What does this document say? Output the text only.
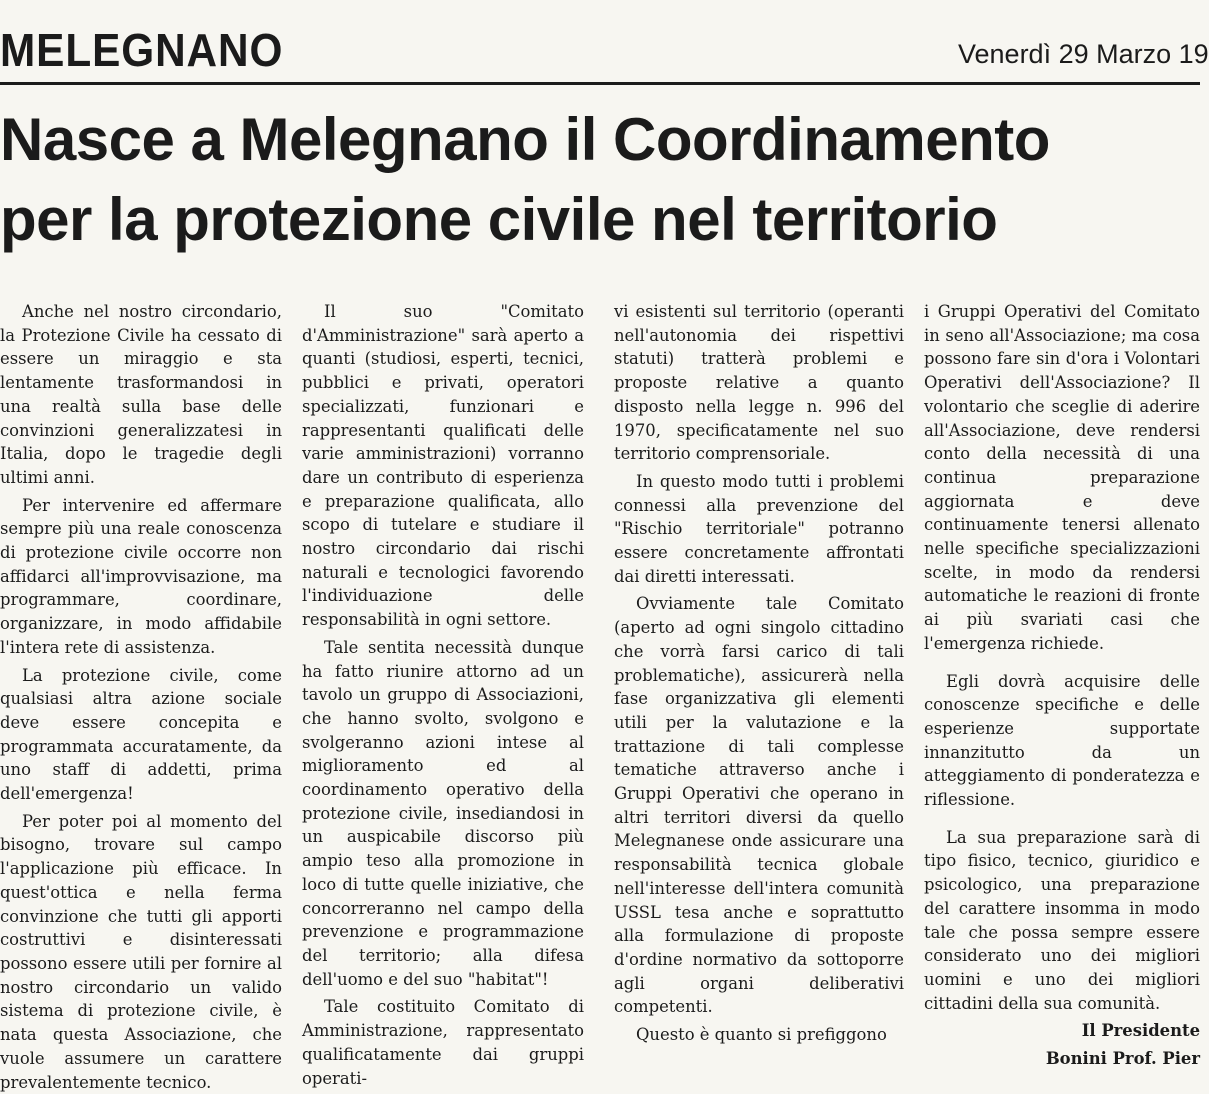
MELEGNANO	Venerdì 29 Marzo 19
Nasce a Melegnano il Coordinamento
per la protezione civile nel territorio

Anche nel nostro circondario, la Protezione Civile ha cessato di essere un miraggio e sta lentamente trasformandosi in una realtà sulla base delle convinzioni generalizzatesi in Italia, dopo le tragedie degli ultimi anni.

Per intervenire ed affermare sempre più una reale conoscenza di protezione civile occorre non affidarci all'improvvisazione, ma programmare, coordinare, organizzare, in modo affidabile l'intera rete di assistenza.

La protezione civile, come qualsiasi altra azione sociale deve essere concepita e programmata accuratamente, da uno staff di addetti, prima dell'emergenza!

Per poter poi al momento del bisogno, trovare sul campo l'applicazione più efficace. In quest'ottica e nella ferma convinzione che tutti gli apporti costruttivi e disinteressati possono essere utili per fornire al nostro circondario un valido sistema di protezione civile, è nata questa Associazione, che vuole assumere un carattere prevalentemente tecnico.

Il suo "Comitato d'Amministrazione" sarà aperto a quanti (studiosi, esperti, tecnici, pubblici e privati, operatori specializzati, funzionari e rappresentanti qualificati delle varie amministrazioni) vorranno dare un contributo di esperienza e preparazione qualificata, allo scopo di tutelare e studiare il nostro circondario dai rischi naturali e tecnologici favorendo l'individuazione delle responsabilità in ogni settore.

Tale sentita necessità dunque ha fatto riunire attorno ad un tavolo un gruppo di Associazioni, che hanno svolto, svolgono e svolgeranno azioni intese al miglioramento ed al coordinamento operativo della protezione civile, insediandosi in un auspicabile discorso più ampio teso alla promozione in loco di tutte quelle iniziative, che concorreranno nel campo della prevenzione e programmazione del territorio; alla difesa dell'uomo e del suo "habitat"!

Tale costituito Comitato di Amministrazione, rappresentato qualificatamente dai gruppi operati-

vi esistenti sul territorio (operanti nell'autonomia dei rispettivi statuti) tratterà problemi e proposte relative a quanto disposto nella legge n. 996 del 1970, specificatamente nel suo territorio comprensoriale.

In questo modo tutti i problemi connessi alla prevenzione del "Rischio territoriale" potranno essere concretamente affrontati dai diretti interessati.

Ovviamente tale Comitato (aperto ad ogni singolo cittadino che vorrà farsi carico di tali problematiche), assicurerà nella fase organizzativa gli elementi utili per la valutazione e la trattazione di tali complesse tematiche attraverso anche i Gruppi Operativi che operano in altri territori diversi da quello Melegnanese onde assicurare una responsabilità tecnica globale nell'interesse dell'intera comunità USSL tesa anche e soprattutto alla formulazione di proposte d'ordine normativo da sottoporre agli organi deliberativi competenti.

Questo è quanto si prefiggono

i Gruppi Operativi del Comitato in seno all'Associazione; ma cosa possono fare sin d'ora i Volontari Operativi dell'Associazione? Il volontario che sceglie di aderire all'Associazione, deve rendersi conto della necessità di una continua preparazione aggiornata e deve continuamente tenersi allenato nelle specifiche specializzazioni scelte, in modo da rendersi automatiche le reazioni di fronte ai più svariati casi che l'emergenza richiede.

Egli dovrà acquisire delle conoscenze specifiche e delle esperienze supportate innanzitutto da un atteggiamento di ponderatezza e riflessione.

La sua preparazione sarà di tipo fisico, tecnico, giuridico e psicologico, una preparazione del carattere insomma in modo tale che possa sempre essere considerato uno dei migliori uomini e uno dei migliori cittadini della sua comunità.

Il Presidente

Bonini Prof. Pier
